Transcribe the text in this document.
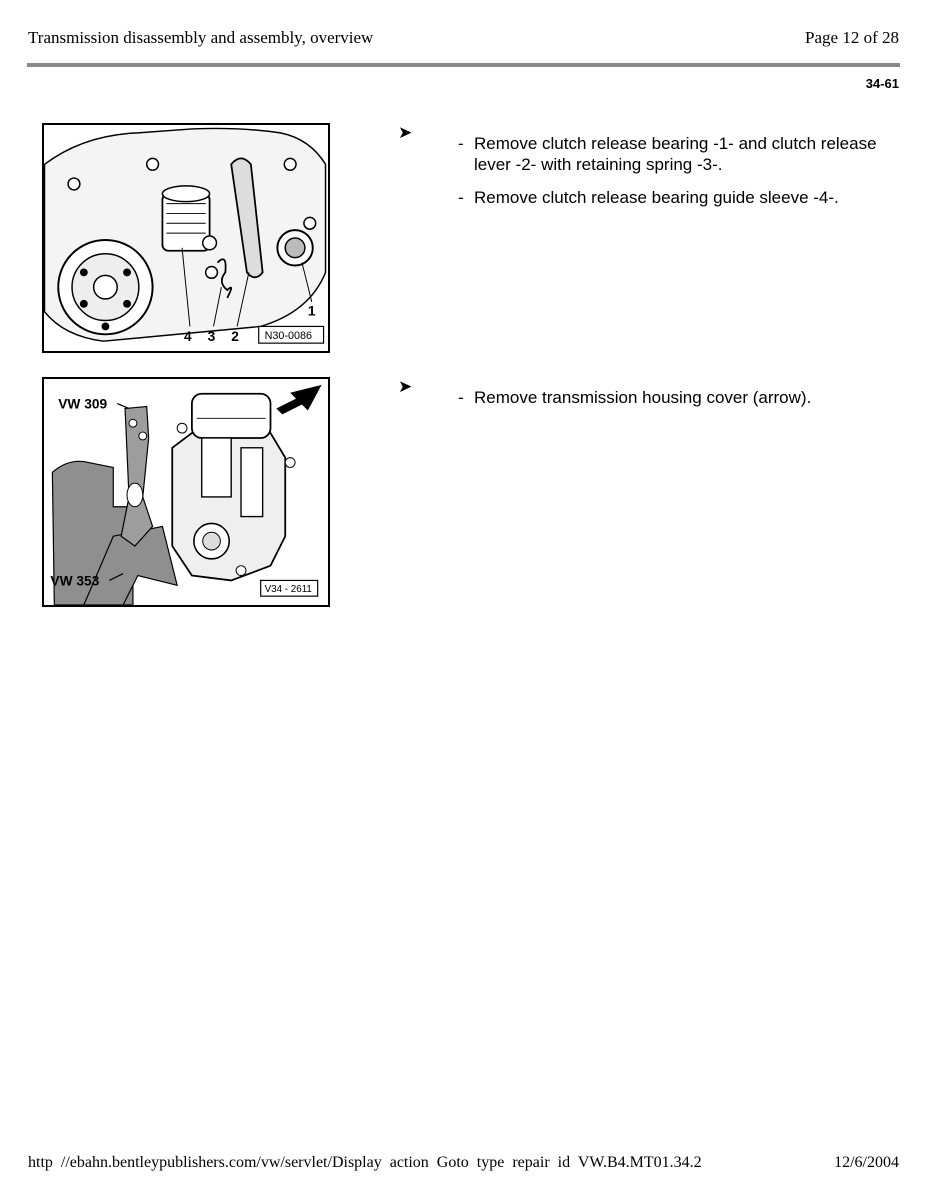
Transmission disassembly and assembly, overview	Page 12 of 28
34-61
4 3 2
1
N30-0086
➤
- Remove clutch release bearing -1- and clutch release lever -2- with retaining spring -3-.
- Remove clutch release bearing guide sleeve -4-.
VW 309
VW 353
V34 - 2611
➤
- Remove transmission housing cover (arrow).
http //ebahn.bentleypublishers.com/vw/servlet/Display action Goto type repair id VW.B4.MT01.34.2	12/6/2004
